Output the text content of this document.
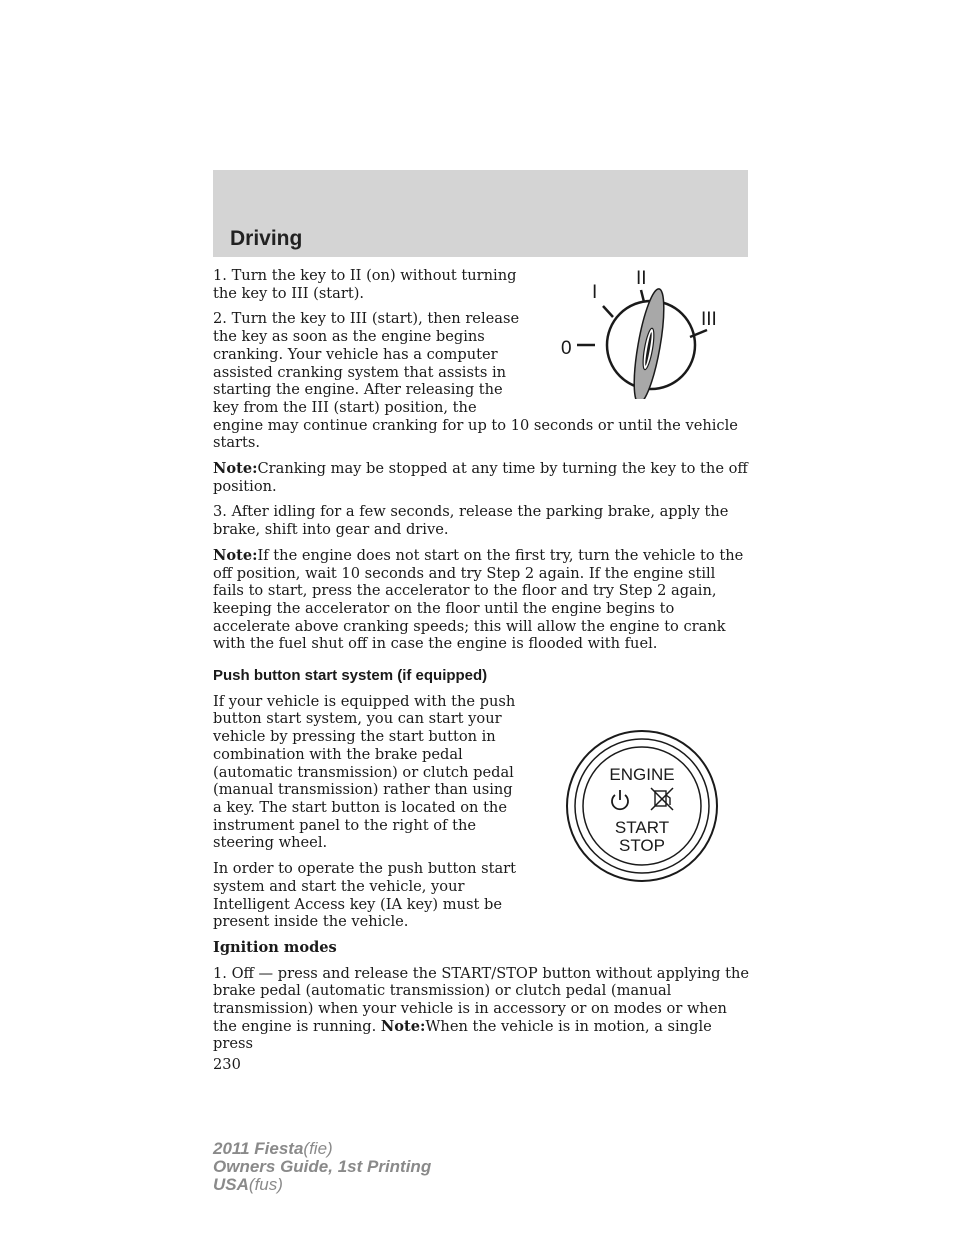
Driving
0
I
II
III

1. Turn the key to II (on) without turning the key to III (start).

2. Turn the key to III (start), then release the key as soon as the engine begins cranking. Your vehicle has a computer assisted cranking system that assists in starting the engine. After releasing the key from the III (start) position, the engine may continue cranking for up to 10 seconds or until the vehicle starts.

Note:Cranking may be stopped at any time by turning the key to the off position.

3. After idling for a few seconds, release the parking brake, apply the brake, shift into gear and drive.

Note:If the engine does not start on the first try, turn the vehicle to the off position, wait 10 seconds and try Step 2 again. If the engine still fails to start, press the accelerator to the floor and try Step 2 again, keeping the accelerator on the floor until the engine begins to accelerate above cranking speeds; this will allow the engine to crank with the fuel shut off in case the engine is flooded with fuel.

Push button start system (if equipped)
ENGINE
START
STOP

If your vehicle is equipped with the push button start system, you can start your vehicle by pressing the start button in combination with the brake pedal (automatic transmission) or clutch pedal (manual transmission) rather than using a key. The start button is located on the instrument panel to the right of the steering wheel.

In order to operate the push button start system and start the vehicle, your Intelligent Access key (IA key) must be present inside the vehicle.

Ignition modes

1. Off — press and release the START/STOP button without applying the brake pedal (automatic transmission) or clutch pedal (manual transmission) when your vehicle is in accessory or on modes or when the engine is running. Note:When the vehicle is in motion, a single press

230
2011 Fiesta(fie)
Owners Guide, 1st Printing
USA(fus)
